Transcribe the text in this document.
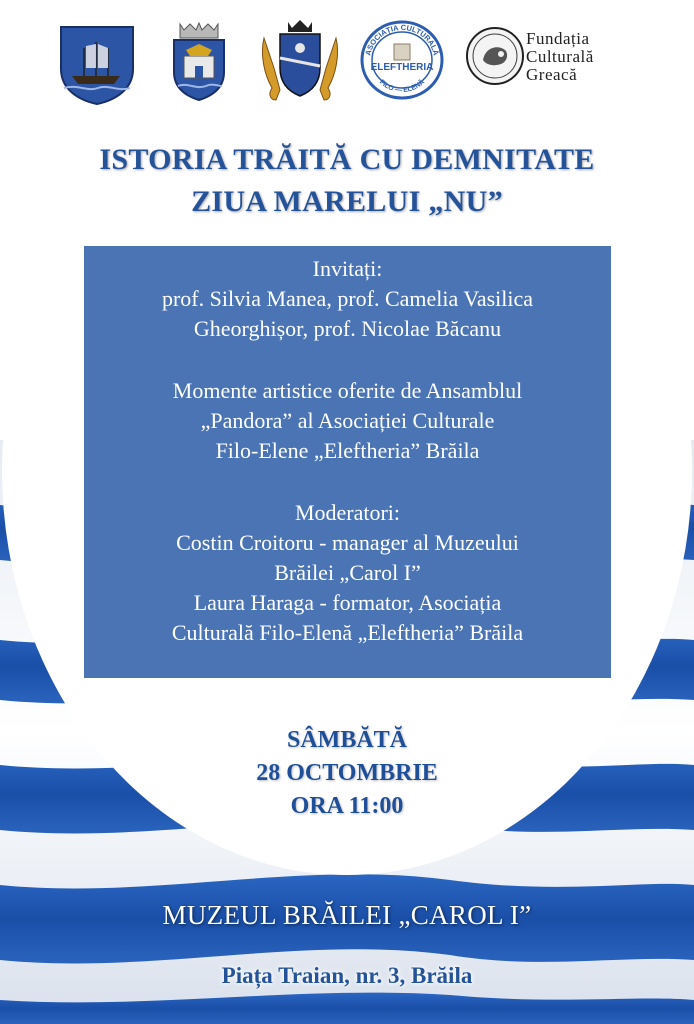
ASOCIAȚIA CULTURALĂ
FILO — ELENĂ
ELEFTHERIA
Fundația
Culturală
Greacă
ISTORIA TRĂITĂ CU DEMNITATE
ZIUA MARELUI „NU”
Invitați:
prof. Silvia Manea, prof. Camelia Vasilica
Gheorghișor, prof. Nicolae Băcanu
Momente artistice oferite de Ansamblul
„Pandora” al Asociației Culturale
Filo-Elene „Eleftheria” Brăila
Moderatori:
Costin Croitoru - manager al Muzeului
Brăilei „Carol I”
Laura Haraga - formator, Asociația
Culturală Filo-Elenă „Eleftheria” Brăila
SÂMBĂTĂ
28 OCTOMBRIE
ORA 11:00
MUZEUL BRĂILEI „CAROL I”
Piața Traian, nr. 3, Brăila
